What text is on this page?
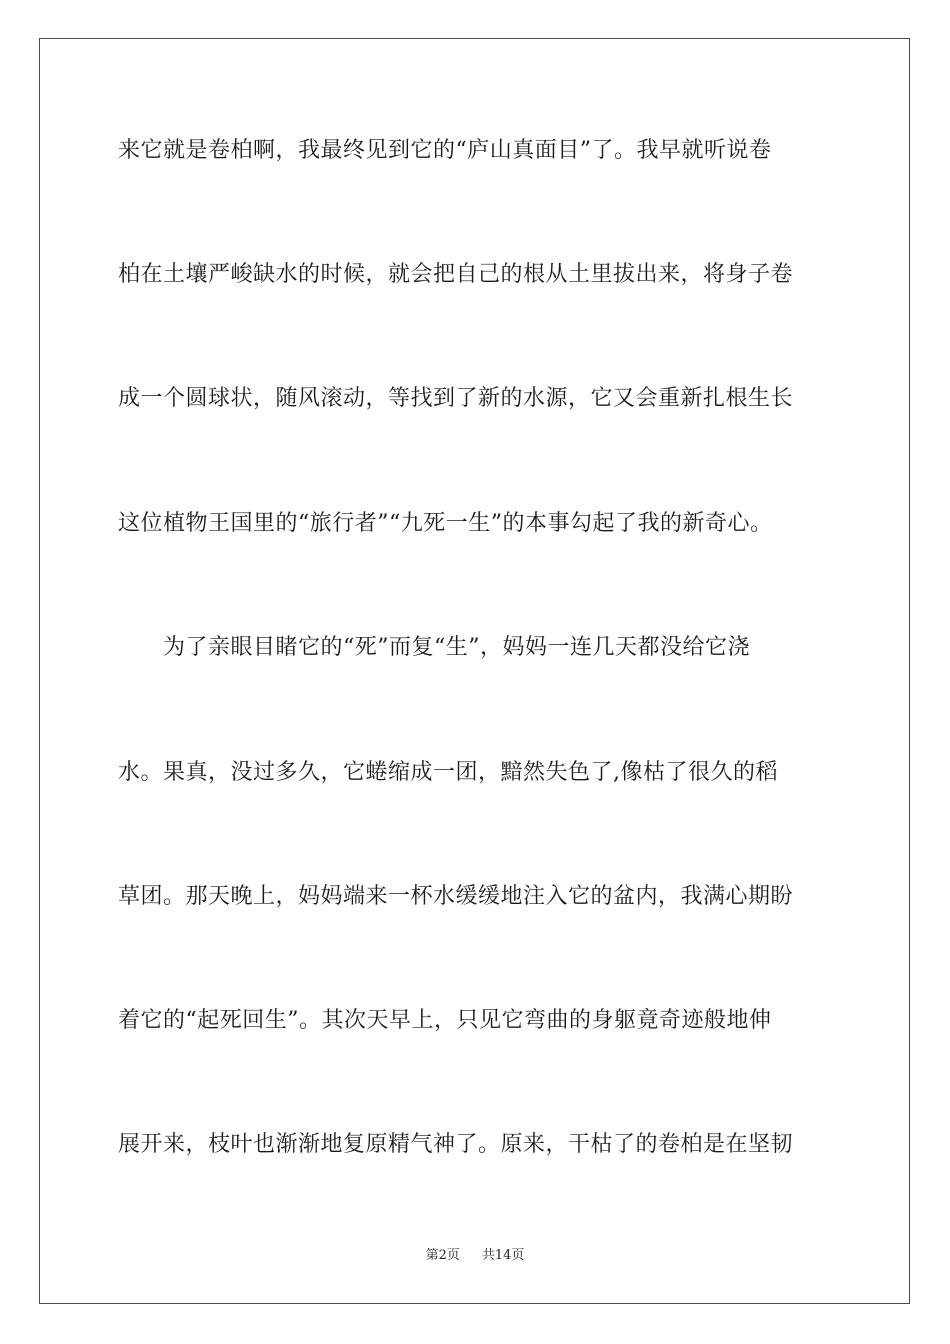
来它就是卷柏啊，我最终见到它的“庐山真面目”了。我早就听说卷
柏在土壤严峻缺水的时候，就会把自己的根从土里拔出来，将身子卷
成一个圆球状，随风滚动，等找到了新的水源，它又会重新扎根生长
这位植物王国里的“旅行者”“九死一生”的本事勾起了我的新奇心。
为了亲眼目睹它的“死”而复“生”，妈妈一连几天都没给它浇
水。果真，没过多久，它蜷缩成一团，黯然失色了,像枯了很久的稻
草团。那天晚上，妈妈端来一杯水缓缓地注入它的盆内，我满心期盼
着它的“起死回生”。其次天早上，只见它弯曲的身躯竟奇迹般地伸
展开来，枝叶也渐渐地复原精气神了。原来，干枯了的卷柏是在坚韧
第2页 共14页
